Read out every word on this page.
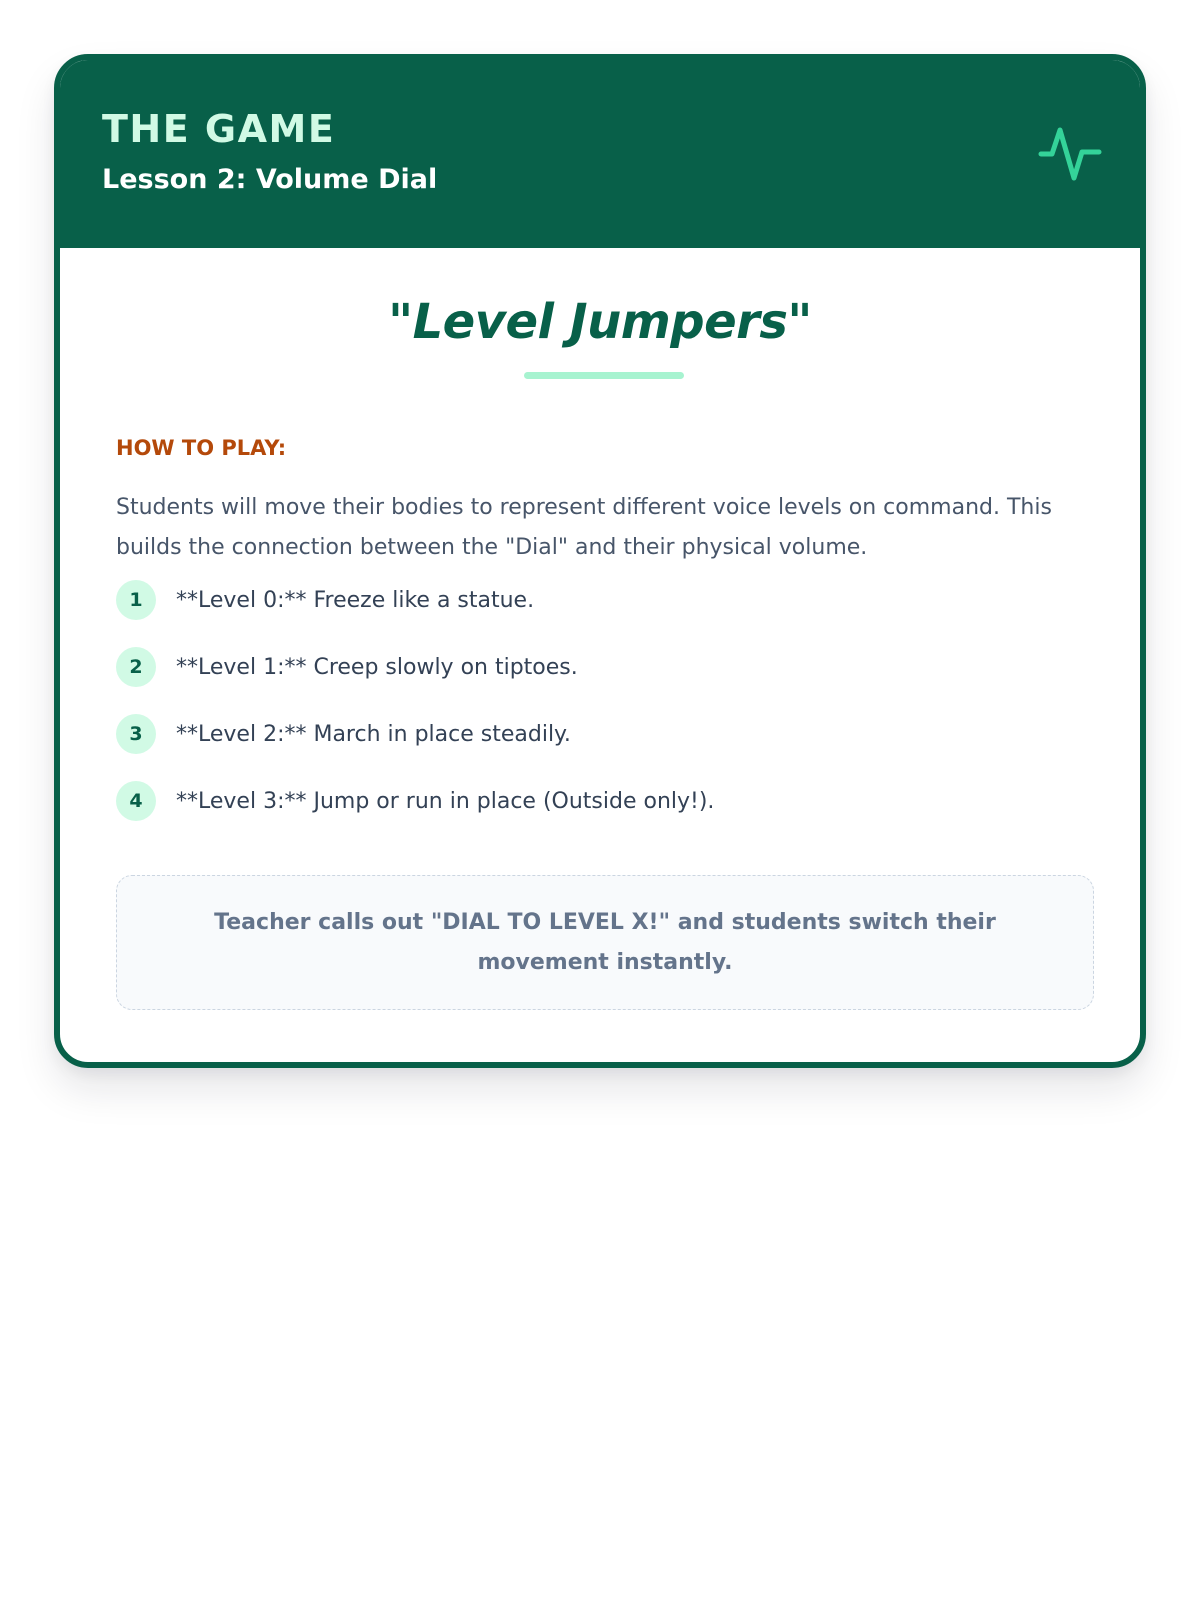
THE GAME
Lesson 2: Volume Dial
"Level Jumpers"
HOW TO PLAY:

Students will move their bodies to represent different voice levels on command. This builds the connection between the "Dial" and their physical volume.

1	**Level 0:** Freeze like a statue.
2	**Level 1:** Creep slowly on tiptoes.
3	**Level 2:** March in place steadily.
4	**Level 3:** Jump or run in place (Outside only!).

Teacher calls out "DIAL TO LEVEL X!" and students switch their movement instantly.
